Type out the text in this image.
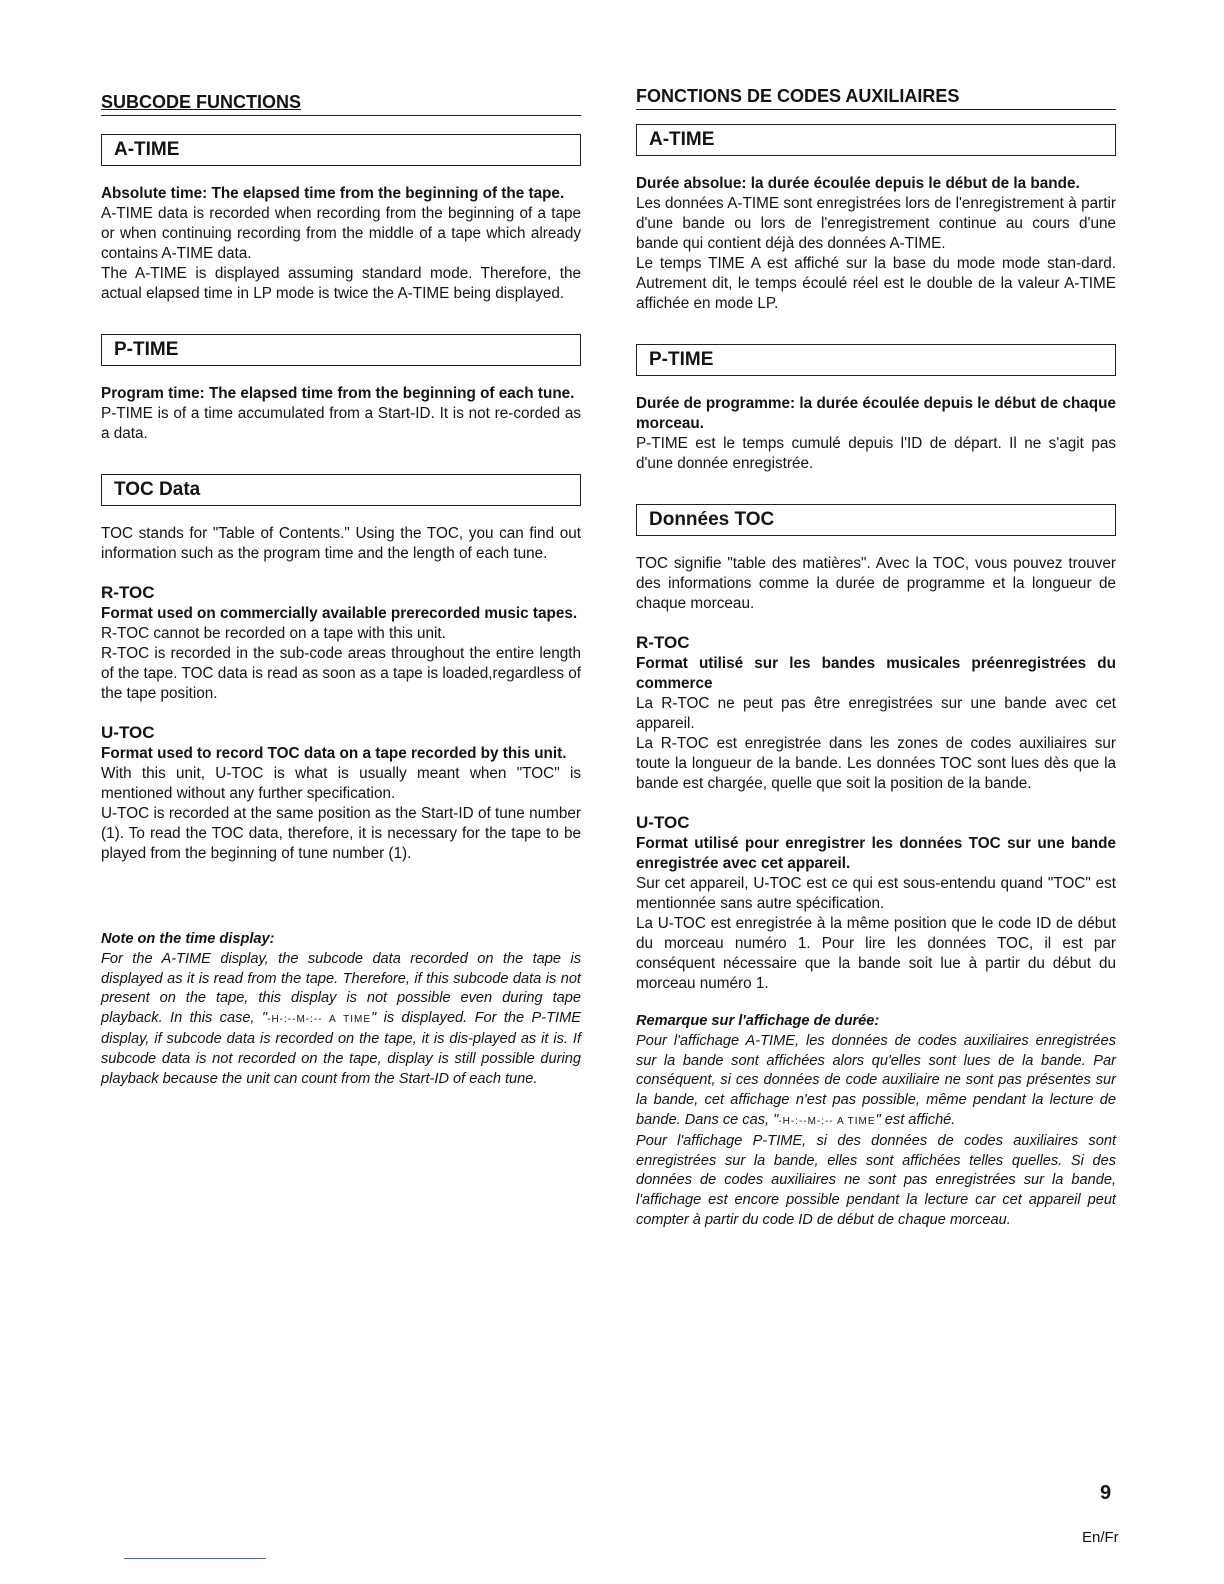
SUBCODE FUNCTIONS
A-TIME

Absolute time: The elapsed time from the beginning of the tape.

A-TIME data is recorded when recording from the beginning of a tape or when continuing recording from the middle of a tape which already contains A-TIME data.

The A-TIME is displayed assuming standard mode. Therefore, the actual elapsed time in LP mode is twice the A-TIME being displayed.

P-TIME

Program time: The elapsed time from the beginning of each tune.

P-TIME is of a time accumulated from a Start-ID. It is not re-corded as a data.

TOC Data

TOC stands for "Table of Contents." Using the TOC, you can find out information such as the program time and the length of each tune.

R-TOC

Format used on commercially available prerecorded music tapes.

R-TOC cannot be recorded on a tape with this unit.

R-TOC is recorded in the sub-code areas throughout the entire length of the tape. TOC data is read as soon as a tape is loaded,regardless of the tape position.

U-TOC

Format used to record TOC data on a tape recorded by this unit.

With this unit, U-TOC is what is usually meant when "TOC" is mentioned without any further specification.

U-TOC is recorded at the same position as the Start-ID of tune number (1). To read the TOC data, therefore, it is necessary for the tape to be played from the beginning of tune number (1).

Note on the time display:

For the A-TIME display, the subcode data recorded on the tape is displayed as it is read from the tape. Therefore, if this subcode data is not present on the tape, this display is not possible even during tape playback. In this case, "-H-:--M-:-- A TIME" is displayed. For the P-TIME display, if subcode data is recorded on the tape, it is dis-played as it is. If subcode data is not recorded on the tape, display is still possible during playback because the unit can count from the Start-ID of each tune.

FONCTIONS DE CODES AUXILIAIRES
A-TIME

Durée absolue: la durée écoulée depuis le début de la bande.

Les données A-TIME sont enregistrées lors de l'enregistrement à partir d'une bande ou lors de l'enregistrement continue au cours d'une bande qui contient déjà des données A-TIME.

Le temps TIME A est affiché sur la base du mode mode stan-dard. Autrement dit, le temps écoulé réel est le double de la valeur A-TIME affichée en mode LP.

P-TIME

Durée de programme: la durée écoulée depuis le début de chaque morceau.

P-TIME est le temps cumulé depuis l'ID de départ. Il ne s'agit pas d'une donnée enregistrée.

Données TOC

TOC signifie "table des matières". Avec la TOC, vous pouvez trouver des informations comme la durée de programme et la longueur de chaque morceau.

R-TOC

Format utilisé sur les bandes musicales préenregistrées du commerce

La R-TOC ne peut pas être enregistrées sur une bande avec cet appareil.

La R-TOC est enregistrée dans les zones de codes auxiliaires sur toute la longueur de la bande. Les données TOC sont lues dès que la bande est chargée, quelle que soit la position de la bande.

U-TOC

Format utilisé pour enregistrer les données TOC sur une bande enregistrée avec cet appareil.

Sur cet appareil, U-TOC est ce qui est sous-entendu quand "TOC" est mentionnée sans autre spécification.

La U-TOC est enregistrée à la même position que le code ID de début du morceau numéro 1. Pour lire les données TOC, il est par conséquent nécessaire que la bande soit lue à partir du début du morceau numéro 1.

Remarque sur l'affichage de durée:

Pour l'affichage A-TIME, les données de codes auxiliaires enregistrées sur la bande sont affichées alors qu'elles sont lues de la bande. Par conséquent, si ces données de code auxiliaire ne sont pas présentes sur la bande, cet affichage n'est pas possible, même pendant la lecture de bande. Dans ce cas, "-H-:--M-:-- A TIME" est affiché.

Pour l'affichage P-TIME, si des données de codes auxiliaires sont enregistrées sur la bande, elles sont affichées telles quelles. Si des données de codes auxiliaires ne sont pas enregistrées sur la bande, l'affichage est encore possible pendant la lecture car cet appareil peut compter à partir du code ID de début de chaque morceau.

9
En/Fr
